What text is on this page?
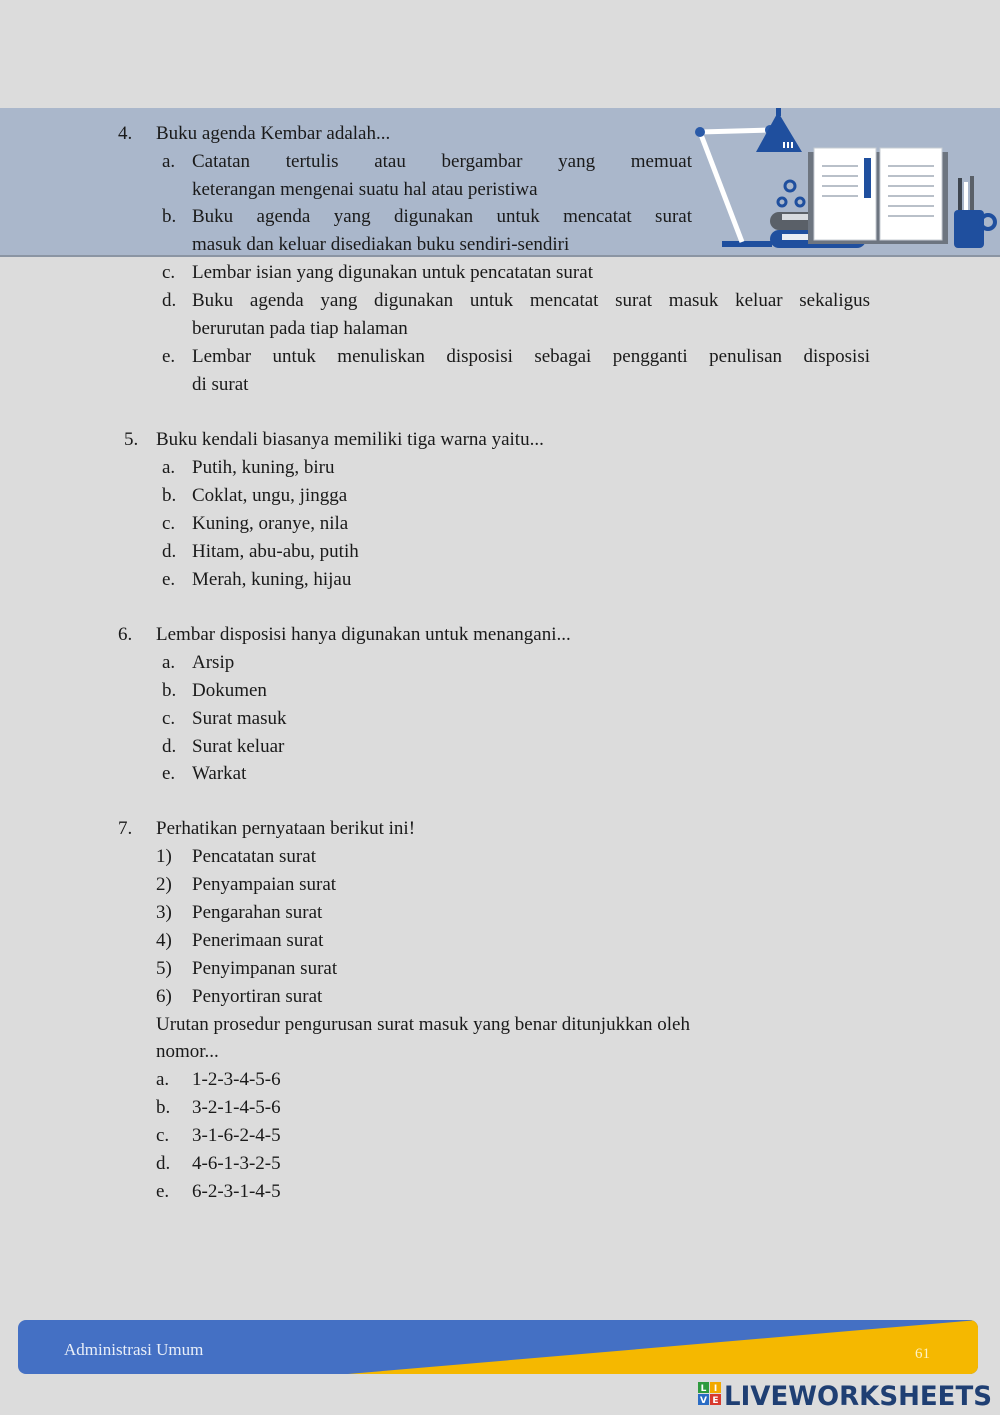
4.	Buku agenda Kembar adalah...
a. Catatan tertulis atau bergambar yang memuat
keterangan mengenai suatu hal atau peristiwa
b. Buku agenda yang digunakan untuk mencatat surat
masuk dan keluar disediakan buku sendiri-sendiri
c. Lembar isian yang digunakan untuk pencatatan surat
d. Buku agenda yang digunakan untuk mencatat surat masuk keluar sekaligus
berurutan pada tiap halaman
e. Lembar untuk menuliskan disposisi sebagai pengganti penulisan disposisi
di surat
5. Buku kendali biasanya memiliki tiga warna yaitu...
a. Putih, kuning, biru
b. Coklat, ungu, jingga
c. Kuning, oranye, nila
d. Hitam, abu-abu, putih
e. Merah, kuning, hijau
6.	Lembar disposisi hanya digunakan untuk menangani...
a. Arsip
b. Dokumen
c. Surat masuk
d. Surat keluar
e. Warkat
7.	Perhatikan pernyataan berikut ini!
1)	Pencatatan surat
2)	Penyampaian surat
3)	Pengarahan surat
4)	Penerimaan surat
5)	Penyimpanan surat
6)	Penyortiran surat
Urutan prosedur pengurusan surat masuk yang benar ditunjukkan oleh
nomor...
a.	1-2-3-4-5-6
b.	3-2-1-4-5-6
c.	3-1-6-2-4-5
d.	4-6-1-3-2-5
e.	6-2-3-1-4-5
Administrasi Umum	61
L I
V E LIVEWORKSHEETS
